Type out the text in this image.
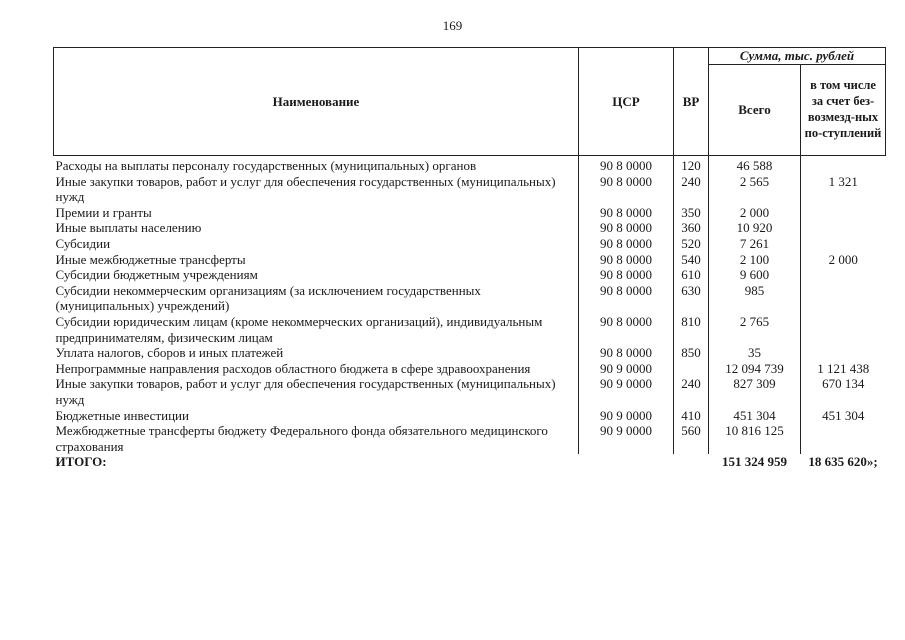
169
Наименование	ЦСР	ВР	Сумма, тыс. рублей	
			Всего	в том числе за счет без-возмезд-ных по-ступлений
Расходы на выплаты персоналу государственных (муниципальных) органов	90 8 0000	120	46 588	
Иные закупки товаров, работ и услуг для обеспечения государственных (муниципальных) нужд	90 8 0000	240	2 565	1 321
Премии и гранты	90 8 0000	350	2 000	
Иные выплаты населению	90 8 0000	360	10 920	
Субсидии	90 8 0000	520	7 261	
Иные межбюджетные трансферты	90 8 0000	540	2 100	2 000
Субсидии бюджетным учреждениям	90 8 0000	610	9 600	
Субсидии некоммерческим организациям (за исключением государственных (муниципальных) учреждений)	90 8 0000	630	985	
Субсидии юридическим лицам (кроме некоммерческих организаций), индивидуальным предпринимателям, физическим лицам	90 8 0000	810	2 765	
Уплата налогов, сборов и иных платежей	90 8 0000	850	35	
Непрограммные направления расходов областного бюджета в сфере здравоохранения	90 9 0000		12 094 739	1 121 438
Иные закупки товаров, работ и услуг для обеспечения государственных (муниципальных) нужд	90 9 0000	240	827 309	670 134
Бюджетные инвестиции	90 9 0000	410	451 304	451 304
Межбюджетные трансферты бюджету Федерального фонда обязательного медицинского страхования	90 9 0000	560	10 816 125	
ИТОГО:			151 324 959	18 635 620»;
